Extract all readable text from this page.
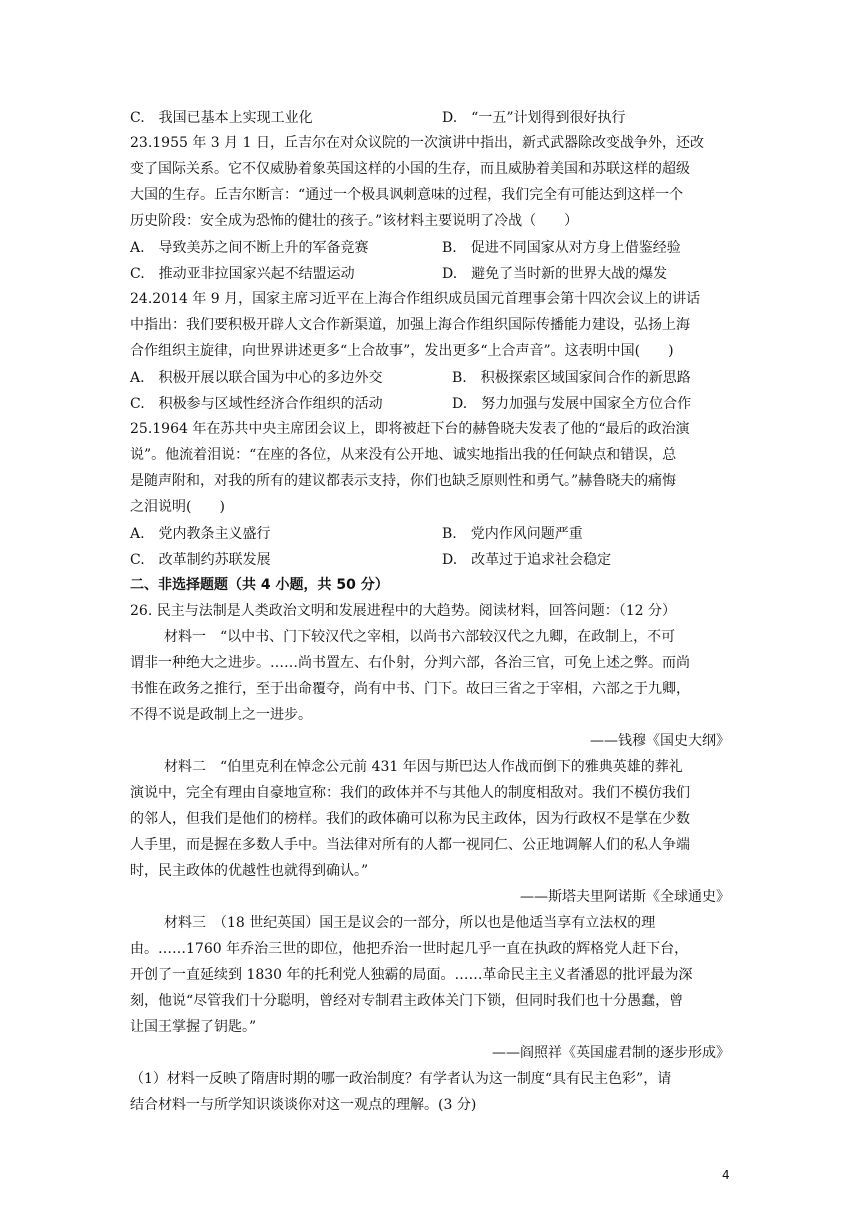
C.　我国已基本上实现工业化	D.　“一五”计划得到很好执行
23.1955 年 3 月 1 日，丘吉尔在对众议院的一次演讲中指出，新式武器除改变战争外，还改
变了国际关系。它不仅威胁着象英国这样的小国的生存，而且威胁着美国和苏联这样的超级
大国的生存。丘吉尔断言：“通过一个极具讽刺意味的过程，我们完全有可能达到这样一个
历史阶段：安全成为恐怖的健壮的孩子。”该材料主要说明了冷战（　　）
A.　导致美苏之间不断上升的军备竞赛	B.　促进不同国家从对方身上借鉴经验
C.　推动亚非拉国家兴起不结盟运动	D.　避免了当时新的世界大战的爆发
24.2014 年 9 月，国家主席习近平在上海合作组织成员国元首理事会第十四次会议上的讲话
中指出：我们要积极开辟人文合作新渠道，加强上海合作组织国际传播能力建设，弘扬上海
合作组织主旋律，向世界讲述更多“上合故事”，发出更多“上合声音”。这表明中国(　　)
A.　积极开展以联合国为中心的多边外交	B.　积极探索区域国家间合作的新思路
C.　积极参与区域性经济合作组织的活动	D.　努力加强与发展中国家全方位合作
25.1964 年在苏共中央主席团会议上，即将被赶下台的赫鲁晓夫发表了他的“最后的政治演
说”。他流着泪说：“在座的各位，从来没有公开地、诚实地指出我的任何缺点和错误，总
是随声附和，对我的所有的建议都表示支持，你们也缺乏原则性和勇气。”赫鲁晓夫的痛悔
之泪说明(　　)
A.　党内教条主义盛行	B.　党内作风问题严重
C.　改革制约苏联发展	D.　改革过于追求社会稳定
二、非选择题题（共 4 小题，共 50 分）
26. 民主与法制是人类政治文明和发展进程中的大趋势。阅读材料，回答问题：（12 分）
材料一　“以中书、门下较汉代之宰相，以尚书六部较汉代之九卿，在政制上，不可
谓非一种绝大之进步。……尚书置左、右仆射，分判六部，各治三官，可免上述之弊。而尚
书惟在政务之推行，至于出命覆夺，尚有中书、门下。故曰三省之于宰相，六部之于九卿，
不得不说是政制上之一进步。
——钱穆《国史大纲》
材料二　“伯里克利在悼念公元前 431 年因与斯巴达人作战而倒下的雅典英雄的葬礼
演说中，完全有理由自豪地宣称：我们的政体并不与其他人的制度相敌对。我们不模仿我们
的邻人，但我们是他们的榜样。我们的政体确可以称为民主政体，因为行政权不是掌在少数
人手里，而是握在多数人手中。当法律对所有的人都一视同仁、公正地调解人们的私人争端
时，民主政体的优越性也就得到确认。”
——斯塔夫里阿诺斯《全球通史》
材料三　（18 世纪英国）国王是议会的一部分，所以也是他适当享有立法权的理
由。……1760 年乔治三世的即位，他把乔治一世时起几乎一直在执政的辉格党人赶下台，
开创了一直延续到 1830 年的托利党人独霸的局面。……革命民主主义者潘恩的批评最为深
刻，他说“尽管我们十分聪明，曾经对专制君主政体关门下锁，但同时我们也十分愚蠢，曾
让国王掌握了钥匙。”
——阎照祥《英国虚君制的逐步形成》
（1）材料一反映了隋唐时期的哪一政治制度？有学者认为这一制度“具有民主色彩”，请
结合材料一与所学知识谈谈你对这一观点的理解。(3 分)
4
